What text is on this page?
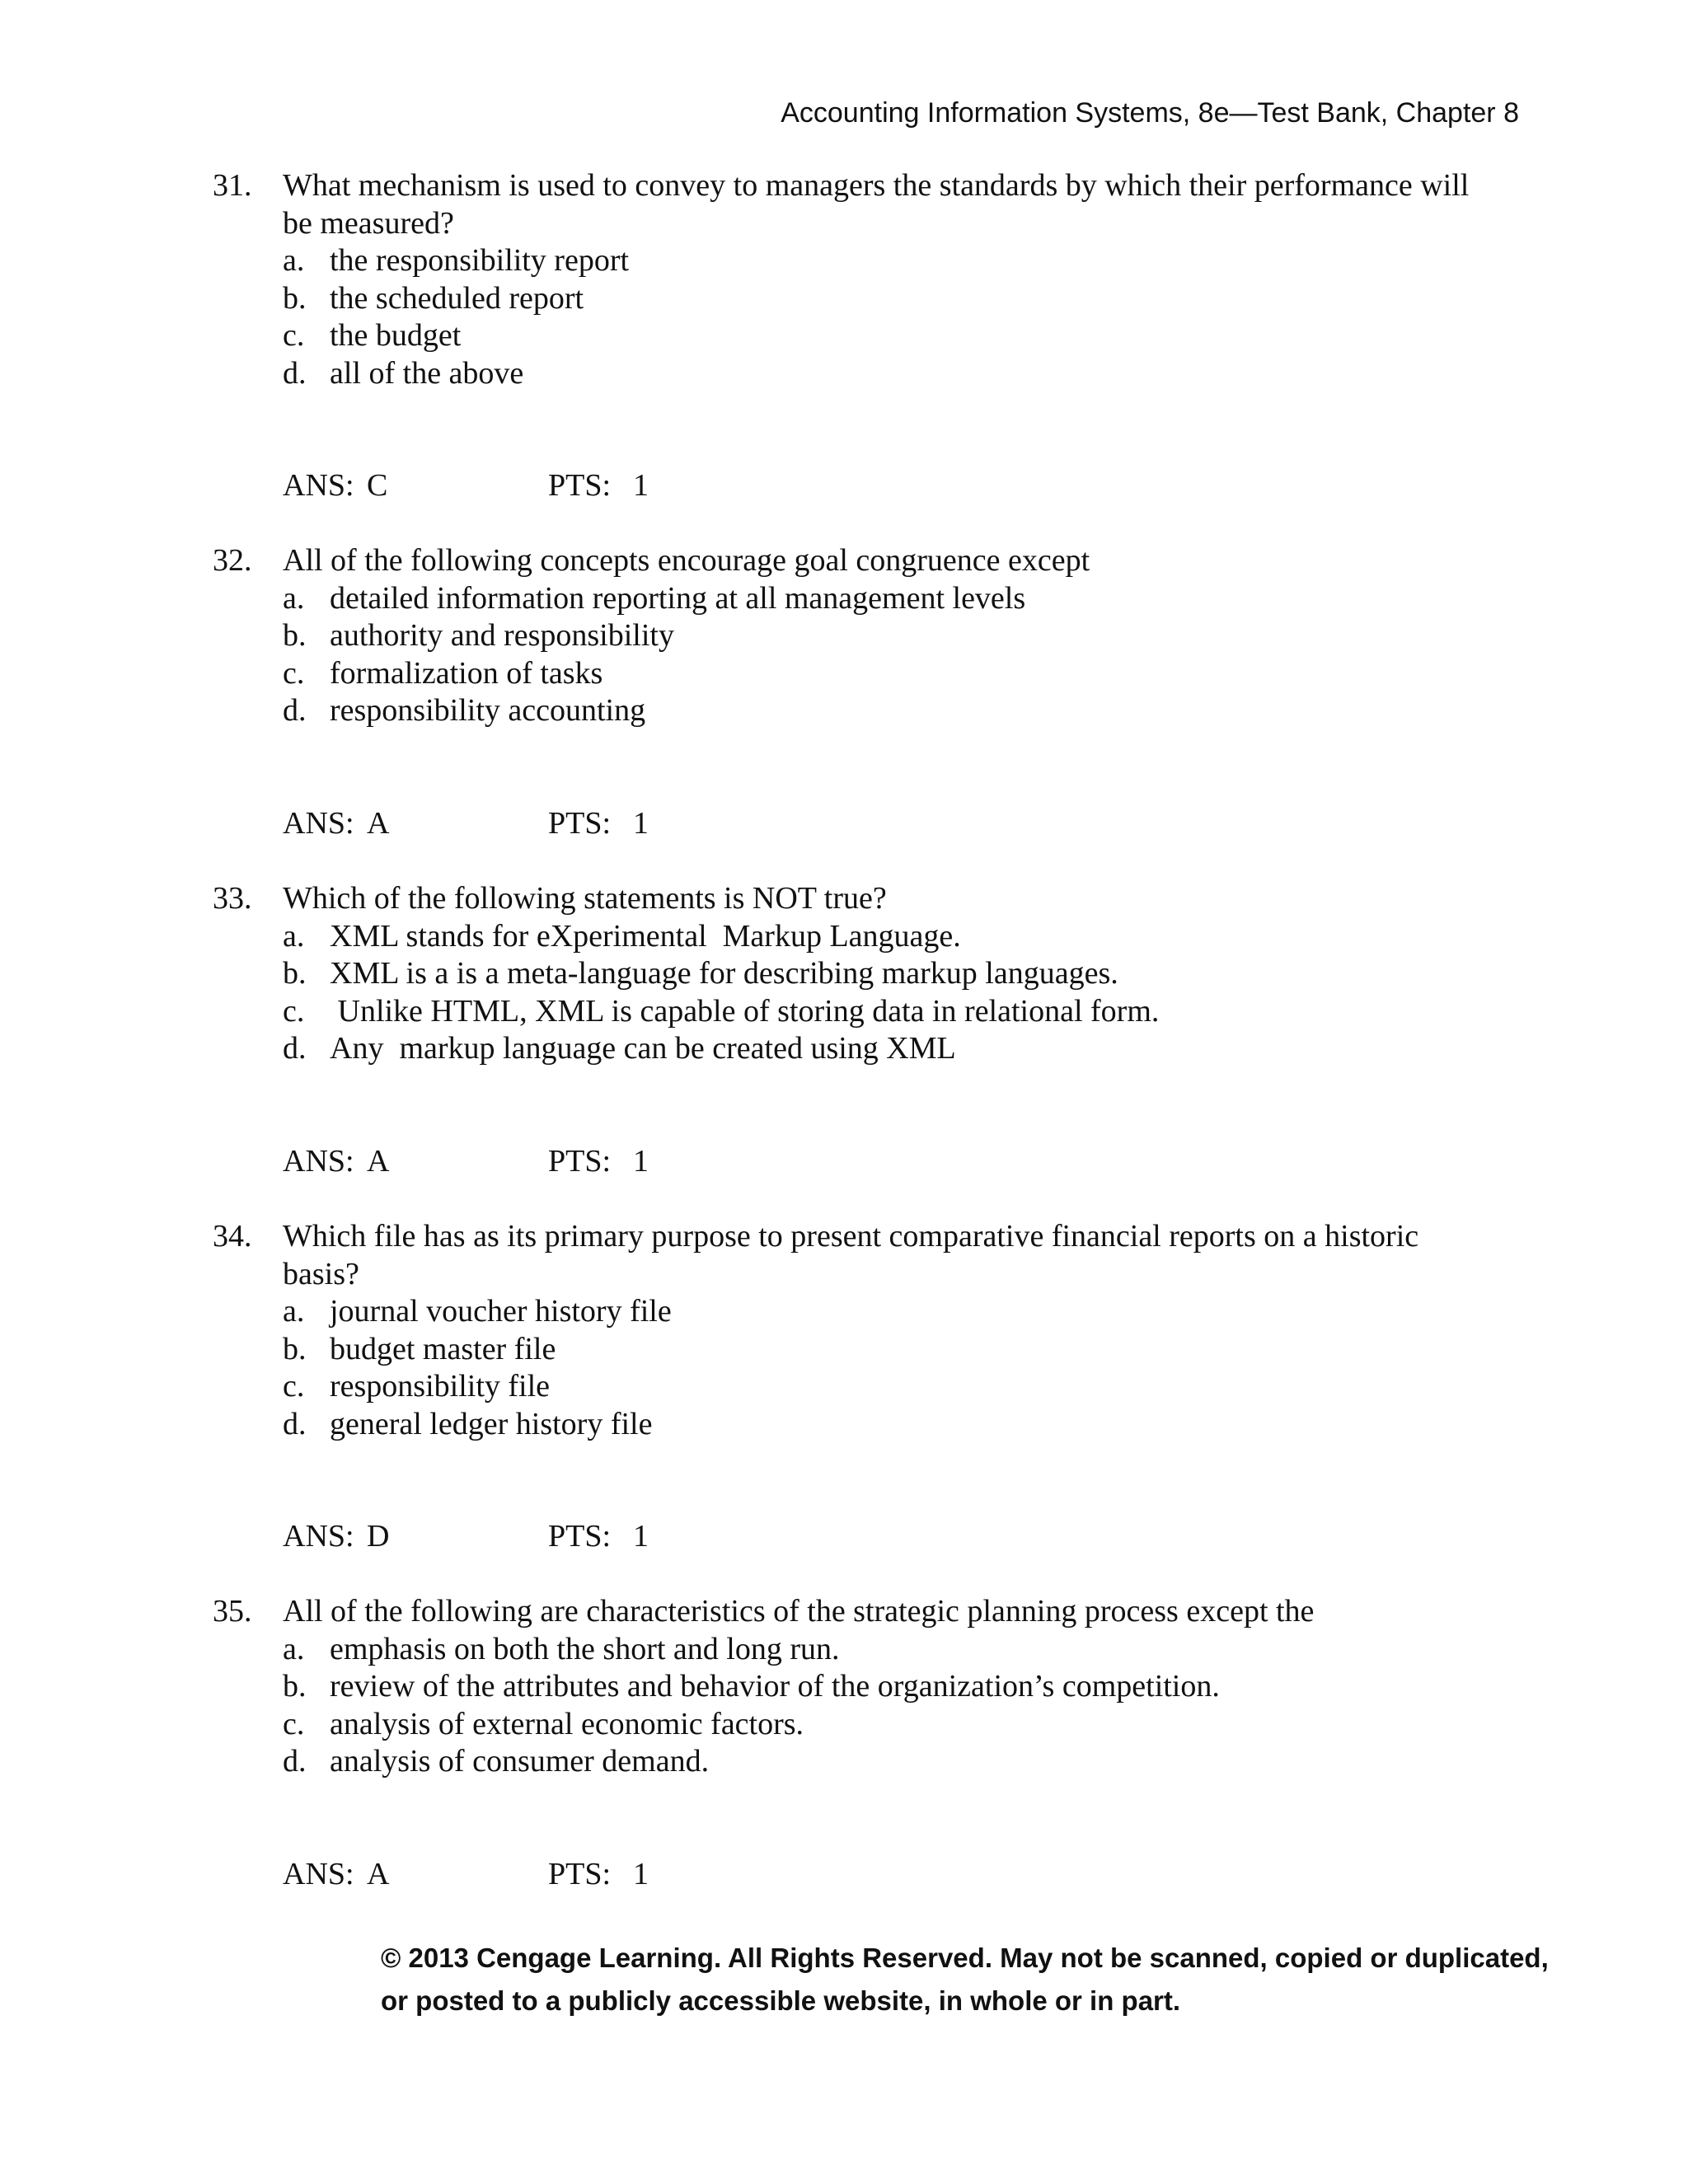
Accounting Information Systems, 8e—Test Bank, Chapter 8
31. What mechanism is used to convey to managers the standards by which their performance will be measured?
a. the responsibility report
b. the scheduled report
c. the budget
d. all of the above
ANS: C	PTS: 1
32. All of the following concepts encourage goal congruence except
a. detailed information reporting at all management levels
b. authority and responsibility
c. formalization of tasks
d. responsibility accounting
ANS: A	PTS: 1
33. Which of the following statements is NOT true?
a. XML stands for eXperimental  Markup Language.
b. XML is a is a meta-language for describing markup languages.
c. Unlike HTML, XML is capable of storing data in relational form.
d. Any  markup language can be created using XML
ANS: A	PTS: 1
34. Which file has as its primary purpose to present comparative financial reports on a historic basis?
a. journal voucher history file
b. budget master file
c. responsibility file
d. general ledger history file
ANS: D	PTS: 1
35. All of the following are characteristics of the strategic planning process except the
a. emphasis on both the short and long run.
b. review of the attributes and behavior of the organization’s competition.
c. analysis of external economic factors.
d. analysis of consumer demand.
ANS: A	PTS: 1
© 2013 Cengage Learning. All Rights Reserved. May not be scanned, copied or duplicated,
or posted to a publicly accessible website, in whole or in part.
